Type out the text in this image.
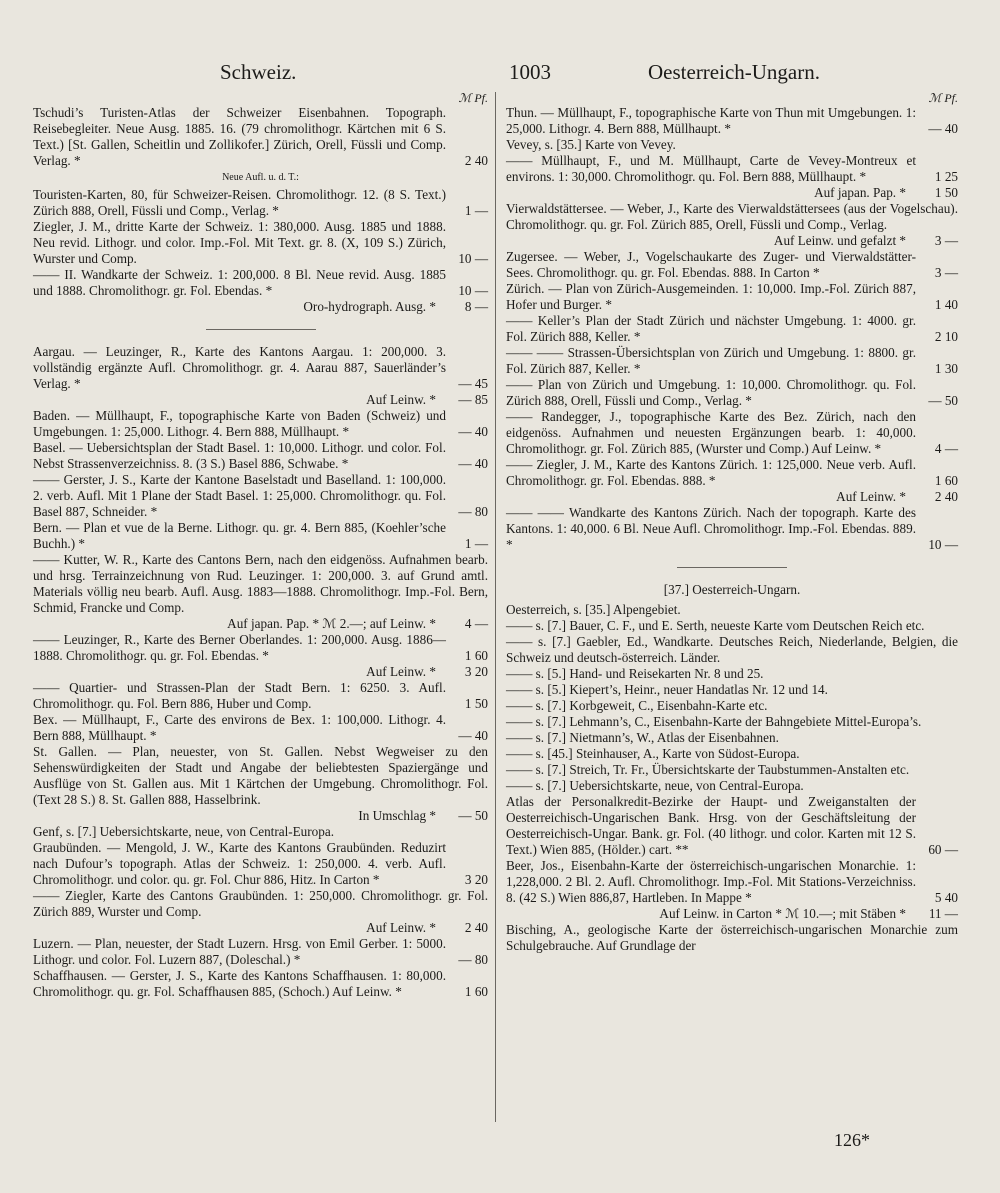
Schweiz.	1003	Oesterreich-Ungarn.
ℳ Pf.
Tschudi’s Turisten-Atlas der Schweizer Eisenbahnen. Topograph. Reisebegleiter. Neue Ausg. 1885. 16. (79 chromolithogr. Kärtchen mit 6 S. Text.) [St. Gallen, Scheitlin und Zollikofer.] Zürich, Orell, Füssli und Comp. Verlag. *	2 40
Neue Aufl. u. d. T.:
Touristen-Karten, 80, für Schweizer-Reisen. Chromolithogr. 12. (8 S. Text.) Zürich 888, Orell, Füssli und Comp., Verlag. *	1 —
Ziegler, J. M., dritte Karte der Schweiz. 1: 380,000. Ausg. 1885 und 1888. Neu revid. Lithogr. und color. Imp.-Fol. Mit Text. gr. 8. (X, 109 S.) Zürich, Wurster und Comp.	10 —
—— II. Wandkarte der Schweiz. 1: 200,000. 8 Bl. Neue revid. Ausg. 1885 und 1888. Chromolithogr. gr. Fol. Ebendas. *	10 —
Oro-hydrograph. Ausg. *	8 —
Aargau. — Leuzinger, R., Karte des Kantons Aargau. 1: 200,000. 3. vollständig ergänzte Aufl. Chromolithogr. gr. 4. Aarau 887, Sauerländer’s Verlag. *	— 45
Auf Leinw. *	— 85
Baden. — Müllhaupt, F., topographische Karte von Baden (Schweiz) und Umgebungen. 1: 25,000. Lithogr. 4. Bern 888, Müllhaupt. *	— 40
Basel. — Uebersichtsplan der Stadt Basel. 1: 10,000. Lithogr. und color. Fol. Nebst Strassenverzeichniss. 8. (3 S.) Basel 886, Schwabe. *	— 40
—— Gerster, J. S., Karte der Kantone Baselstadt und Baselland. 1: 100,000. 2. verb. Aufl. Mit 1 Plane der Stadt Basel. 1: 25,000. Chromolithogr. qu. Fol. Basel 887, Schneider. *	— 80
Bern. — Plan et vue de la Berne. Lithogr. qu. gr. 4. Bern 885, (Koehler’sche Buchh.) *	1 —

—— Kutter, W. R., Karte des Cantons Bern, nach den eidgenöss. Aufnahmen bearb. und hrsg. Terrainzeichnung von Rud. Leuzinger. 1: 200,000. 3. auf Grund amtl. Materials völlig neu bearb. Aufl. Ausg. 1883—1888. Chromolithogr. Imp.-Fol. Bern, Schmid, Francke und Comp.

Auf japan. Pap. * ℳ 2.—; auf Leinw. *	4 —
—— Leuzinger, R., Karte des Berner Oberlandes. 1: 200,000. Ausg. 1886—1888. Chromolithogr. qu. gr. Fol. Ebendas. *	1 60
Auf Leinw. *	3 20
—— Quartier- und Strassen-Plan der Stadt Bern. 1: 6250. 3. Aufl. Chromolithogr. qu. Fol. Bern 886, Huber und Comp.	1 50
Bex. — Müllhaupt, F., Carte des environs de Bex. 1: 100,000. Lithogr. 4. Bern 888, Müllhaupt. *	— 40

St. Gallen. — Plan, neuester, von St. Gallen. Nebst Wegweiser zu den Sehenswürdigkeiten der Stadt und Angabe der beliebtesten Spaziergänge und Ausflüge von St. Gallen aus. Mit 1 Kärtchen der Umgebung. Chromolithogr. Fol. (Text 28 S.) 8. St. Gallen 888, Hasselbrink.

In Umschlag *	— 50

Genf, s. [7.] Uebersichtskarte, neue, von Central-Europa.

Graubünden. — Mengold, J. W., Karte des Kantons Graubünden. Reduzirt nach Dufour’s topograph. Atlas der Schweiz. 1: 250,000. 4. verb. Aufl. Chromolithogr. und color. qu. gr. Fol. Chur 886, Hitz. In Carton *	3 20

—— Ziegler, Karte des Cantons Graubünden. 1: 250,000. Chromolithogr. gr. Fol. Zürich 889, Wurster und Comp.

Auf Leinw. *	2 40
Luzern. — Plan, neuester, der Stadt Luzern. Hrsg. von Emil Gerber. 1: 5000. Lithogr. und color. Fol. Luzern 887, (Doleschal.) *	— 80
Schaffhausen. — Gerster, J. S., Karte des Kantons Schaffhausen. 1: 80,000. Chromolithogr. qu. gr. Fol. Schaffhausen 885, (Schoch.) Auf Leinw. *	1 60
ℳ Pf.
Thun. — Müllhaupt, F., topographische Karte von Thun mit Umgebungen. 1: 25,000. Lithogr. 4. Bern 888, Müllhaupt. *	— 40

Vevey, s. [35.] Karte von Vevey.

—— Müllhaupt, F., und M. Müllhaupt, Carte de Vevey-Montreux et environs. 1: 30,000. Chromolithogr. qu. Fol. Bern 888, Müllhaupt. *	1 25
Auf japan. Pap. *	1 50

Vierwaldstättersee. — Weber, J., Karte des Vierwaldstättersees (aus der Vogelschau). Chromolithogr. qu. gr. Fol. Zürich 885, Orell, Füssli und Comp., Verlag.

Auf Leinw. und gefalzt *	3 —
Zugersee. — Weber, J., Vogelschaukarte des Zuger- und Vierwaldstätter-Sees. Chromolithogr. qu. gr. Fol. Ebendas. 888. In Carton *	3 —
Zürich. — Plan von Zürich-Ausgemeinden. 1: 10,000. Imp.-Fol. Zürich 887, Hofer und Burger. *	1 40
—— Keller’s Plan der Stadt Zürich und nächster Umgebung. 1: 4000. gr. Fol. Zürich 888, Keller. *	2 10
—— —— Strassen-Übersichtsplan von Zürich und Umgebung. 1: 8800. gr. Fol. Zürich 887, Keller. *	1 30
—— Plan von Zürich und Umgebung. 1: 10,000. Chromolithogr. qu. Fol. Zürich 888, Orell, Füssli und Comp., Verlag. *	— 50
—— Randegger, J., topographische Karte des Bez. Zürich, nach den eidgenöss. Aufnahmen und neuesten Ergänzungen bearb. 1: 40,000. Chromolithogr. gr. Fol. Zürich 885, (Wurster und Comp.) Auf Leinw. *	4 —
—— Ziegler, J. M., Karte des Kantons Zürich. 1: 125,000. Neue verb. Aufl. Chromolithogr. gr. Fol. Ebendas. 888. *	1 60
Auf Leinw. *	2 40
—— —— Wandkarte des Kantons Zürich. Nach der topograph. Karte des Kantons. 1: 40,000. 6 Bl. Neue Aufl. Chromolithogr. Imp.-Fol. Ebendas. 889. *	10 —
[37.] Oesterreich-Ungarn.

Oesterreich, s. [35.] Alpengebiet.

—— s. [7.] Bauer, C. F., und E. Serth, neueste Karte vom Deutschen Reich etc.

—— s. [7.] Gaebler, Ed., Wandkarte. Deutsches Reich, Niederlande, Belgien, die Schweiz und deutsch-österreich. Länder.

—— s. [5.] Hand- und Reisekarten Nr. 8 und 25.

—— s. [5.] Kiepert’s, Heinr., neuer Handatlas Nr. 12 und 14.

—— s. [7.] Korbgeweit, C., Eisenbahn-Karte etc.

—— s. [7.] Lehmann’s, C., Eisenbahn-Karte der Bahngebiete Mittel-Europa’s.

—— s. [7.] Nietmann’s, W., Atlas der Eisenbahnen.

—— s. [45.] Steinhauser, A., Karte von Südost-Europa.

—— s. [7.] Streich, Tr. Fr., Übersichtskarte der Taubstummen-Anstalten etc.

—— s. [7.] Uebersichtskarte, neue, von Central-Europa.

Atlas der Personalkredit-Bezirke der Haupt- und Zweiganstalten der Oesterreichisch-Ungarischen Bank. Hrsg. von der Geschäftsleitung der Oesterreichisch-Ungar. Bank. gr. Fol. (40 lithogr. und color. Karten mit 12 S. Text.) Wien 885, (Hölder.) cart. **	60 —
Beer, Jos., Eisenbahn-Karte der österreichisch-ungarischen Monarchie. 1: 1,228,000. 2 Bl. 2. Aufl. Chromolithogr. Imp.-Fol. Mit Stations-Verzeichniss. 8. (42 S.) Wien 886,87, Hartleben. In Mappe *	5 40
Auf Leinw. in Carton * ℳ 10.—; mit Stäben *	11 —

Bisching, A., geologische Karte der österreichisch-ungarischen Monarchie zum Schulgebrauche. Auf Grundlage der

126*
